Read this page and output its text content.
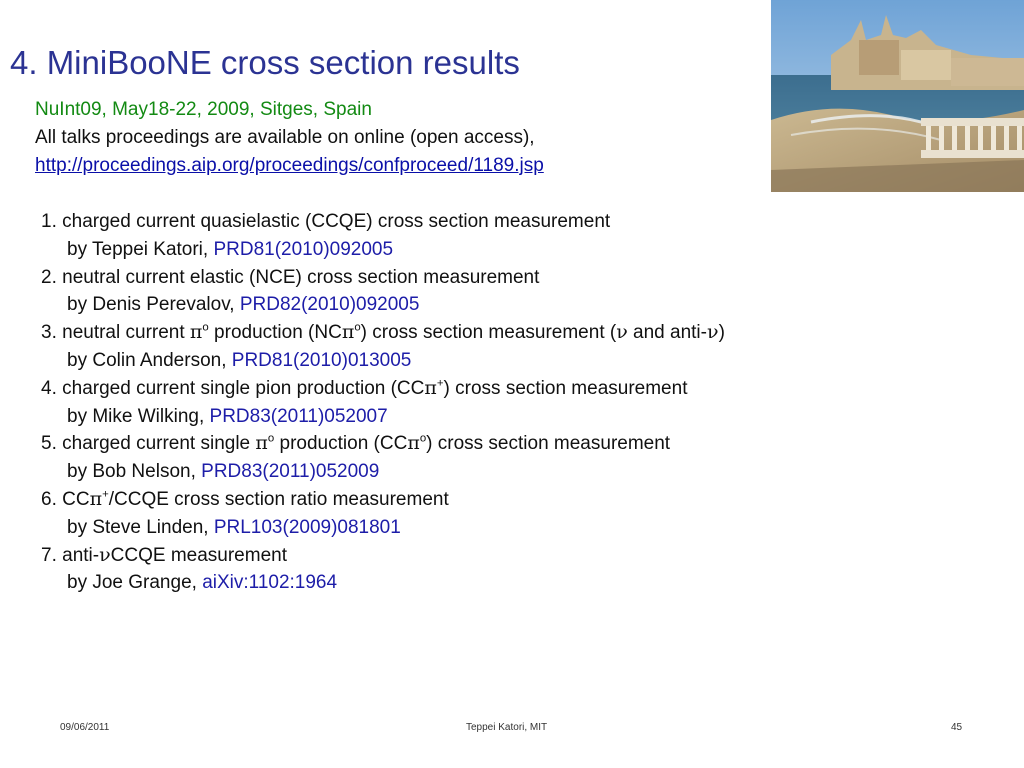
4. MiniBooNE cross section results
NuInt09, May18-22, 2009, Sitges, Spain
All talks proceedings are available on online (open access),
http://proceedings.aip.org/proceedings/confproceed/1189.jsp
1. charged current quasielastic (CCQE) cross section measurement
by Teppei Katori, PRD81(2010)092005
2. neutral current elastic (NCE) cross section measurement
by Denis Perevalov, PRD82(2010)092005
3. neutral current $\pi^o$ production (NCπ$^o$) cross section measurement (ν and anti-ν)
by Colin Anderson, PRD81(2010)013005
4. charged current single pion production (CCπ+) cross section measurement
by Mike Wilking, PRD83(2011)052007
5. charged current single $\pi^o$ production (CCπ$^o$) cross section measurement
by Bob Nelson, PRD83(2011)052009
6. CCπ+/CCQE cross section ratio measurement
by Steve Linden, PRL103(2009)081801
7. anti-νCCQE measurement
by Joe Grange, aiXiv:1102:1964
09/06/2011	Teppei Katori, MIT	45
